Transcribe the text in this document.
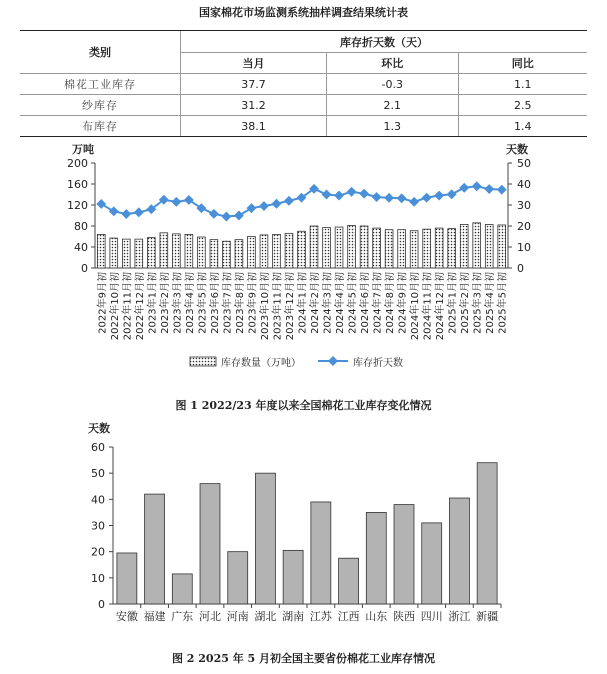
国家棉花市场监测系统抽样调查结果统计表
类别	库存折天数（天）		
	当月	环比	同比
棉花工业库存	37.7	-0.3	1.1
纱库存	31.2	2.1	2.5
布库存	38.1	1.3	1.4
0
40
80
120
160
200
0
10
20
30
40
50
万吨	天数
2022年9月初 2022年10月初 2022年11月初 2022年12月初 2023年1月初 2023年2月初 2023年3月初 2023年4月初 2023年5月初 2023年6月初 2023年7月初 2023年8月初 2023年9月初 2023年10月初 2023年11月初 2023年12月初 2024年1月初 2024年2月初 2024年3月初 2024年4月初 2024年5月初 2024年6月初 2024年7月初 2024年8月初 2024年9月初 2024年10月初 2024年11月初 2024年12月初 2025年1月初 2025年2月初 2025年3月初 2025年4月初 2025年5月初
库存数量（万吨）	库存折天数
图 1 2022/23 年度以来全国棉花工业库存变化情况
0
10
20
30
40
50
60
天数
安徽 福建 广东 河北 河南 湖北 湖南 江苏 江西 山东 陕西 四川 浙江 新疆
图 2 2025 年 5 月初全国主要省份棉花工业库存情况
